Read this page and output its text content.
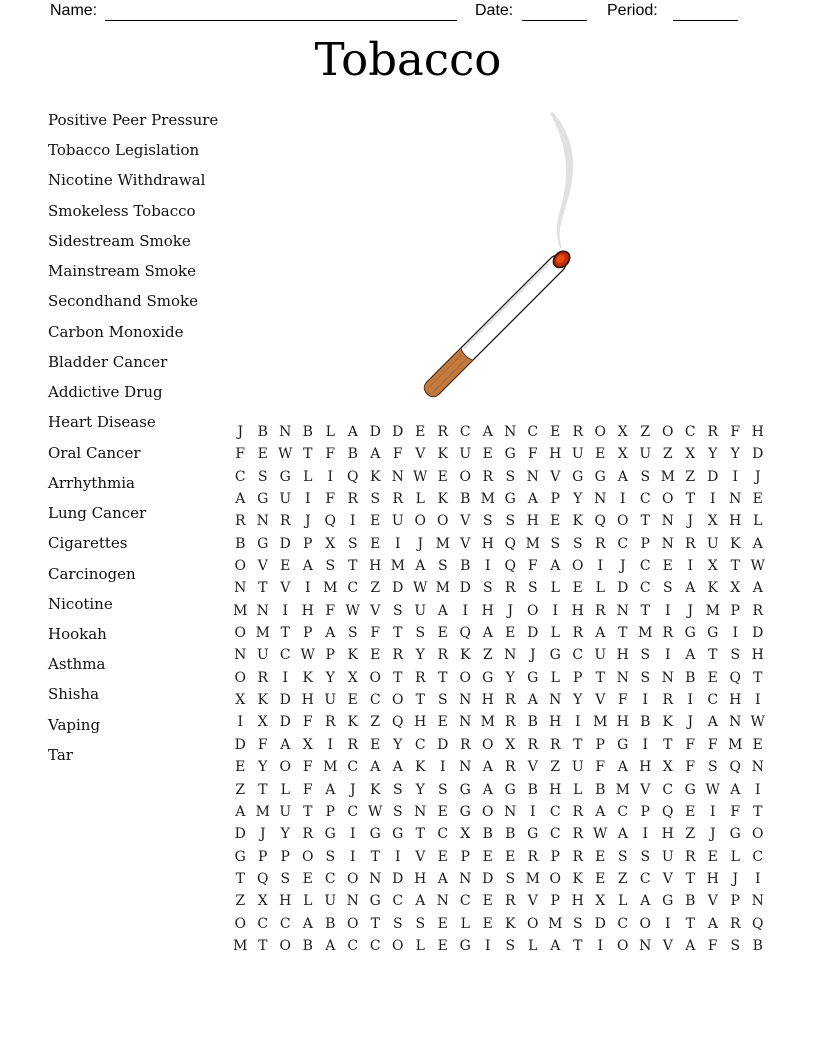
Name:	Date:	Period:
Tobacco
Positive Peer Pressure
Tobacco Legislation
Nicotine Withdrawal
Smokeless Tobacco
Sidestream Smoke
Mainstream Smoke
Secondhand Smoke
Carbon Monoxide
Bladder Cancer
Addictive Drug
Heart Disease
Oral Cancer
Arrhythmia
Lung Cancer
Cigarettes
Carcinogen
Nicotine
Hookah
Asthma
Shisha
Vaping
Tar
J B N B L A D D E R C A N C E R O X Z O C R F H
F E W T F B A F V K U E G F H U E X U Z X Y Y D
C S G L I Q K N W E O R S N V G G A S M Z D I J
A G U I F R S R L K B M G A P Y N I C O T I N E
R N R J Q I E U O O V S S H E K Q O T N J X H L
B G D P X S E I J M V H Q M S S R C P N R U K A
O V E A S T H M A S B I Q F A O I J C E I X T W
N T V I M C Z D W M D S R S L E L D C S A K X A
M N I H F W V S U A I H J O I H R N T I J M P R
O M T P A S F T S E Q A E D L R A T M R G G I D
N U C W P K E R Y R K Z N J G C U H S I A T S H
O R I K Y X O T R T O G Y G L P T N S N B E Q T
X K D H U E C O T S N H R A N Y V F I R I C H I
I X D F R K Z Q H E N M R B H I M H B K J A N W
D F A X I R E Y C D R O X R R T P G I T F F M E
E Y O F M C A A K I N A R V Z U F A H X F S Q N
Z T L F A J K S Y S G A G B H L B M V C G W A I
A M U T P C W S N E G O N I C R A C P Q E I F T
D J Y R G I G G T C X B B G C R W A I H Z J G O
G P P O S I T I V E P E E R P R E S S U R E L C
T Q S E C O N D H A N D S M O K E Z C V T H J I
Z X H L U N G C A N C E R V P H X L A G B V P N
O C C A B O T S S E L E K O M S D C O I T A R Q
M T O B A C C O L E G I S L A T I O N V A F S B
